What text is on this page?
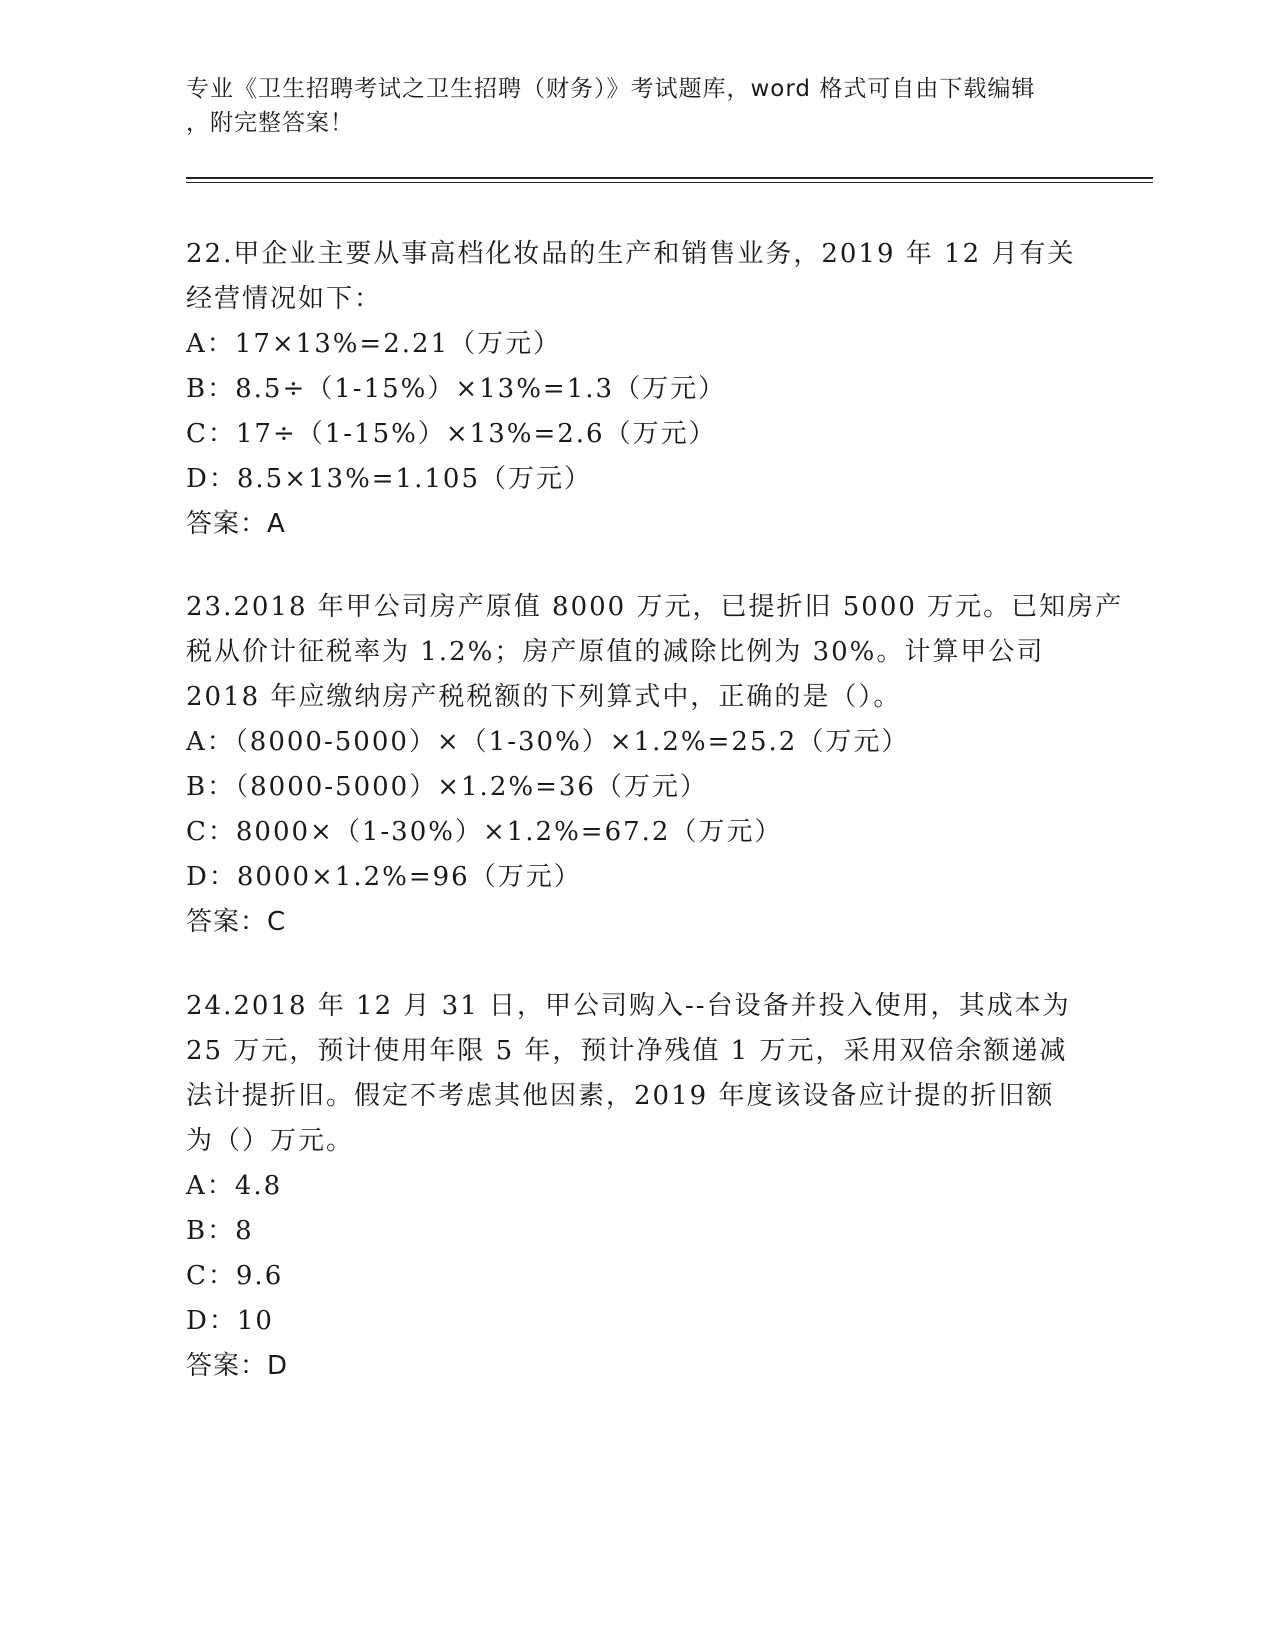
专业《卫生招聘考试之卫生招聘（财务）》考试题库，word 格式可自由下载编辑
，附完整答案！
22.甲企业主要从事高档化妆品的生产和销售业务，2019 年 12 月有关
经营情况如下：
A：17×13%=2.21（万元）
B：8.5÷（1-15%）×13%=1.3（万元）
C：17÷（1-15%）×13%=2.6（万元）
D：8.5×13%=1.105（万元）
答案：A
23.2018 年甲公司房产原值 8000 万元，已提折旧 5000 万元。已知房产
税从价计征税率为 1.2%；房产原值的减除比例为 30%。计算甲公司
2018 年应缴纳房产税税额的下列算式中，正确的是（）。
A：（8000-5000）×（1-30%）×1.2%=25.2（万元）
B：（8000-5000）×1.2%=36（万元）
C：8000×（1-30%）×1.2%=67.2（万元）
D：8000×1.2%=96（万元）
答案：C
24.2018 年 12 月 31 日，甲公司购入--台设备并投入使用，其成本为
25 万元，预计使用年限 5 年，预计净残值 1 万元，采用双倍余额递减
法计提折旧。假定不考虑其他因素，2019 年度该设备应计提的折旧额
为（）万元。
A：4.8
B：8
C：9.6
D：10
答案：D
